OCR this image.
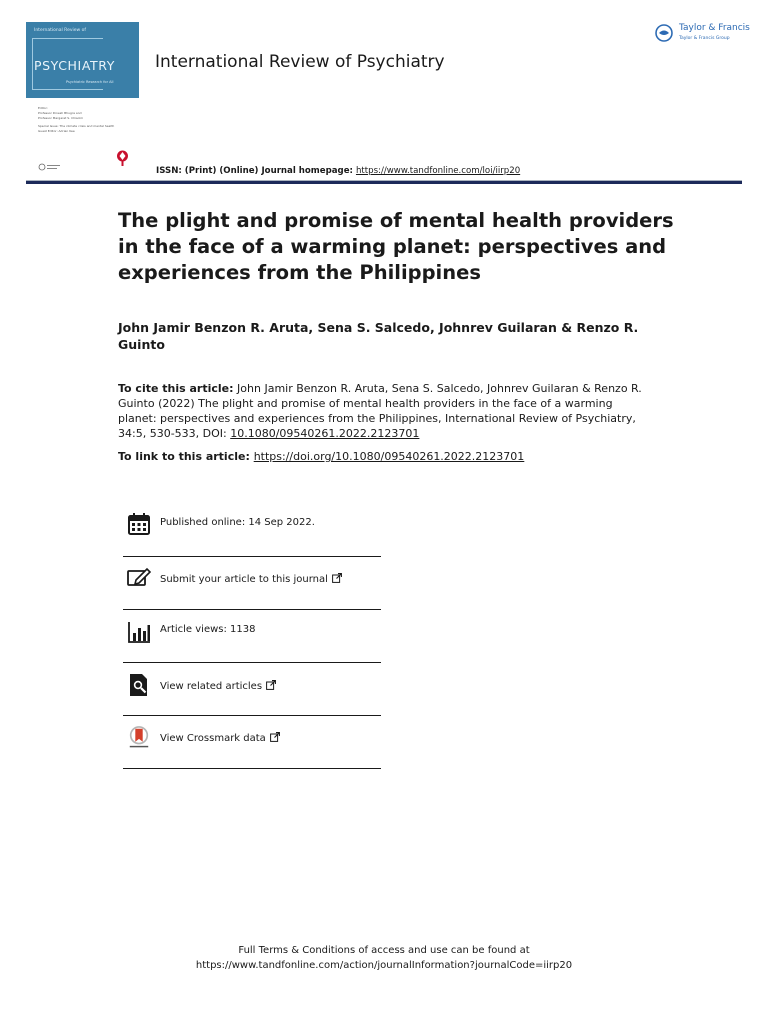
International Review of
PSYCHIATRY
Psychiatric Research for All
Editor:
Professor Dinesh Bhugra and
Professor Margaret S. Chisolm
Special Issue: The climate crisis and mental health
Guest Editor: Adrian Kee
International Review of Psychiatry
Taylor & Francis
Taylor & Francis Group
ISSN: (Print) (Online) Journal homepage: https://www.tandfonline.com/loi/iirp20
The plight and promise of mental health providers in the face of a warming planet: perspectives and experiences from the Philippines
John Jamir Benzon R. Aruta, Sena S. Salcedo, Johnrev Guilaran & Renzo R. Guinto
To cite this article: John Jamir Benzon R. Aruta, Sena S. Salcedo, Johnrev Guilaran & Renzo R. Guinto (2022) The plight and promise of mental health providers in the face of a warming planet: perspectives and experiences from the Philippines, International Review of Psychiatry, 34:5, 530-533, DOI: 10.1080/09540261.2022.2123701
To link to this article: https://doi.org/10.1080/09540261.2022.2123701
Published online: 14 Sep 2022.
Submit your article to this journal
Article views: 1138
View related articles
View Crossmark data
Full Terms & Conditions of access and use can be found at
https://www.tandfonline.com/action/journalInformation?journalCode=iirp20
